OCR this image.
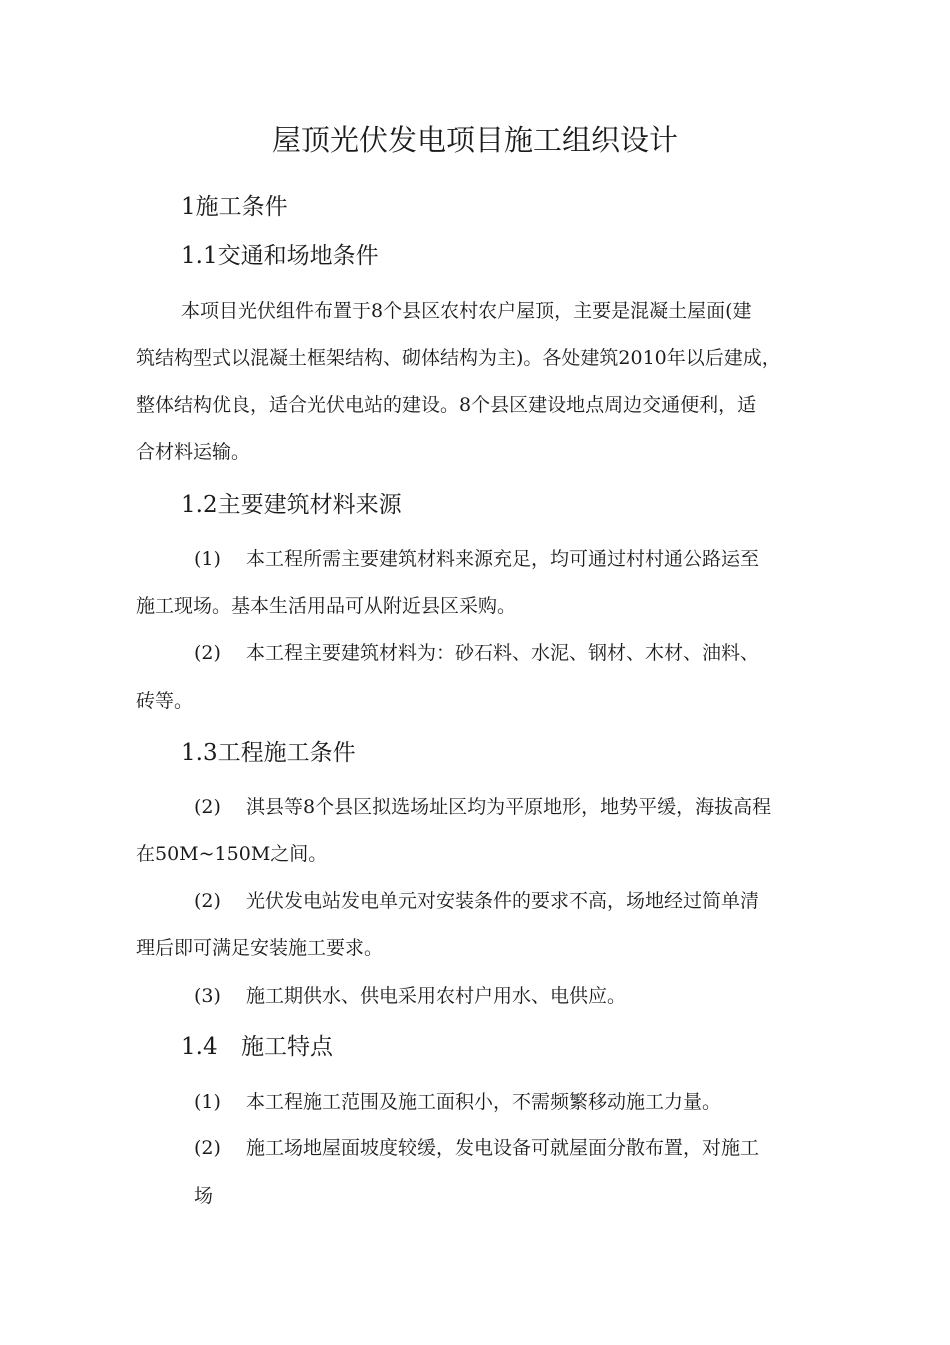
屋顶光伏发电项目施工组织设计
1施工条件
1.1交通和场地条件
本项目光伏组件布置于8个县区农村农户屋顶，主要是混凝土屋面(建
筑结构型式以混凝土框架结构、砌体结构为主)。各处建筑2010年以后建成，
整体结构优良，适合光伏电站的建设。8个县区建设地点周边交通便利，适
合材料运输。
1.2主要建筑材料来源
(1) 本工程所需主要建筑材料来源充足，均可通过村村通公路运至
施工现场。基本生活用品可从附近县区采购。
(2) 本工程主要建筑材料为：砂石料、水泥、钢材、木材、油料、
砖等。
1.3工程施工条件
(2) 淇县等8个县区拟选场址区均为平原地形，地势平缓，海拔高程
在50M~150M之间。
(2) 光伏发电站发电单元对安装条件的要求不高，场地经过简单清
理后即可满足安装施工要求。
(3) 施工期供水、供电采用农村户用水、电供应。
1.4 施工特点
(1) 本工程施工范围及施工面积小，不需频繁移动施工力量。
(2) 施工场地屋面坡度较缓，发电设备可就屋面分散布置，对施工
场
